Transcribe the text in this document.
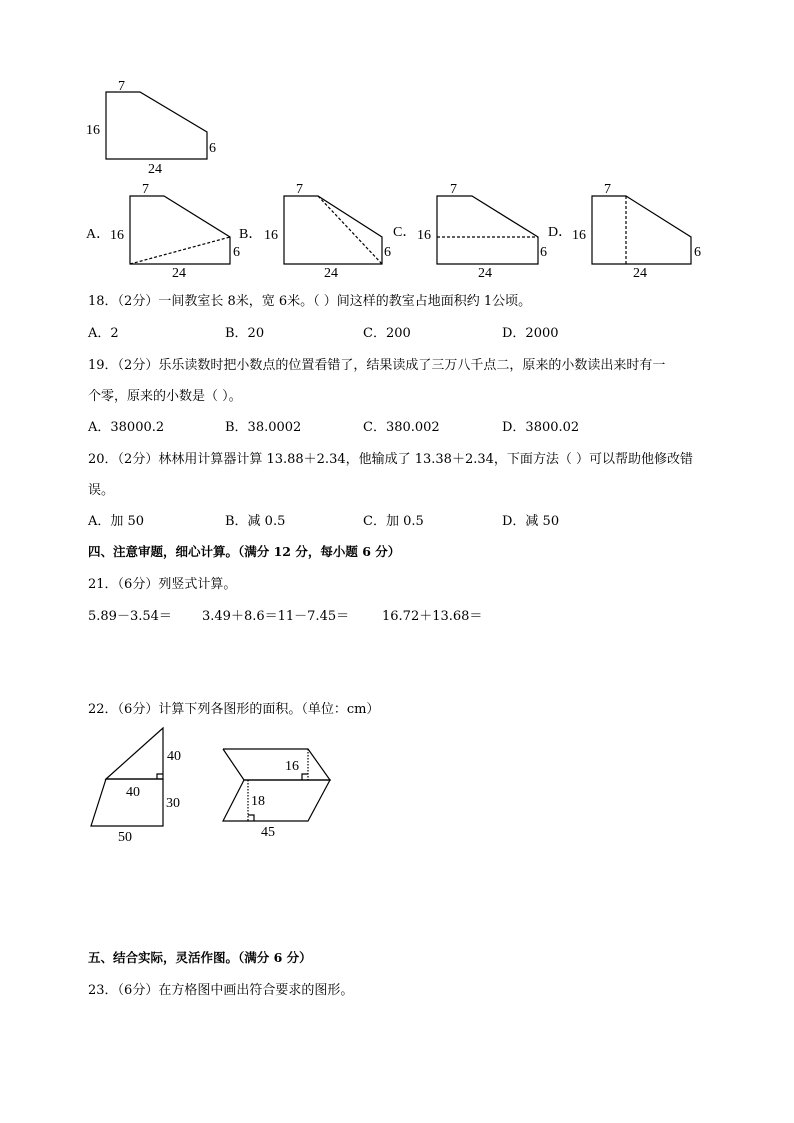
7
16
6
24
A． 16
7
6
24
B． 16
7
6
24
C． 16
7
6
24
D． 16
7
6
24
18．（2分）一间教室长 8米，宽 6米。（ ）间这样的教室占地面积约 1公顷。
A．2	B．20	C．200	D．2000
19．（2分）乐乐读数时把小数点的位置看错了，结果读成了三万八千点二，原来的小数读出来时有一
个零，原来的小数是（ ）。
A．38000.2	B．38.0002	C．380.002	D．3800.02
20．（2分）林林用计算器计算 13.88＋2.34，他输成了 13.38＋2.34，下面方法（ ）可以帮助他修改错
误。
A．加 50	B．减 0.5	C．加 0.5	D．减 50
四、注意审题，细心计算。（满分 12 分，每小题 6 分）
21．（6分）列竖式计算。
5.89－3.54＝ 3.49＋8.6＝11－7.45＝	16.72＋13.68＝
22．（6分）计算下列各图形的面积。（单位：cm）
40
40
30
50
16
18
45
五、结合实际，灵活作图。（满分 6 分）
23．（6分）在方格图中画出符合要求的图形。
